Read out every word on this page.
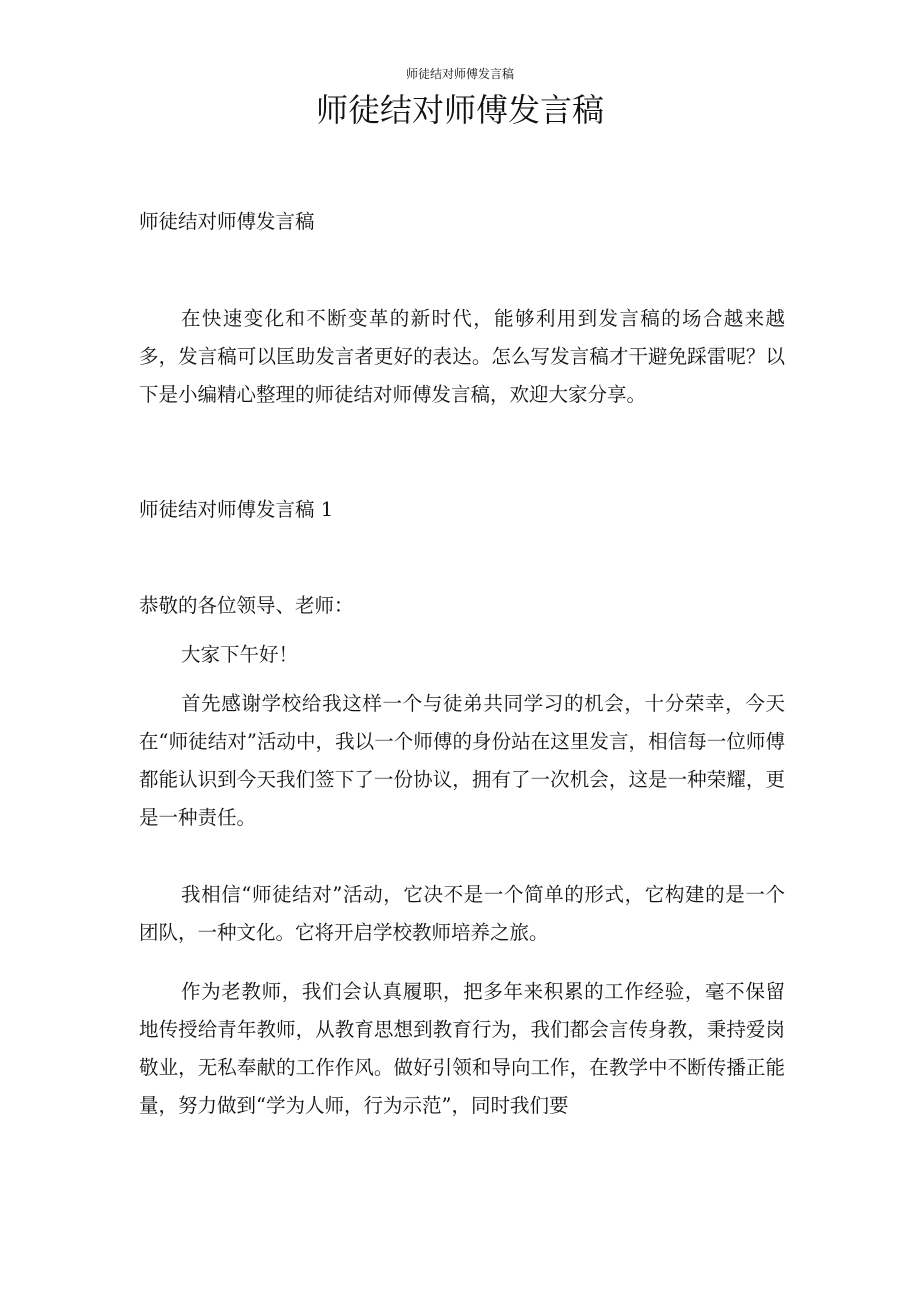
师徒结对师傅发言稿
师徒结对师傅发言稿

师徒结对师傅发言稿

在快速变化和不断变革的新时代，能够利用到发言稿的场合越来越多，发言稿可以匡助发言者更好的表达。怎么写发言稿才干避免踩雷呢？以下是小编精心整理的师徒结对师傅发言稿，欢迎大家分享。

师徒结对师傅发言稿 1

恭敬的各位领导、老师：

大家下午好！

首先感谢学校给我这样一个与徒弟共同学习的机会，十分荣幸，今天在“师徒结对”活动中，我以一个师傅的身份站在这里发言，相信每一位师傅都能认识到今天我们签下了一份协议，拥有了一次机会，这是一种荣耀，更是一种责任。

我相信“师徒结对”活动，它决不是一个简单的形式，它构建的是一个团队，一种文化。它将开启学校教师培养之旅。

作为老教师，我们会认真履职，把多年来积累的工作经验，毫不保留地传授给青年教师，从教育思想到教育行为，我们都会言传身教，秉持爱岗敬业，无私奉献的工作作风。做好引领和导向工作，在教学中不断传播正能量，努力做到“学为人师，行为示范”，同时我们要
